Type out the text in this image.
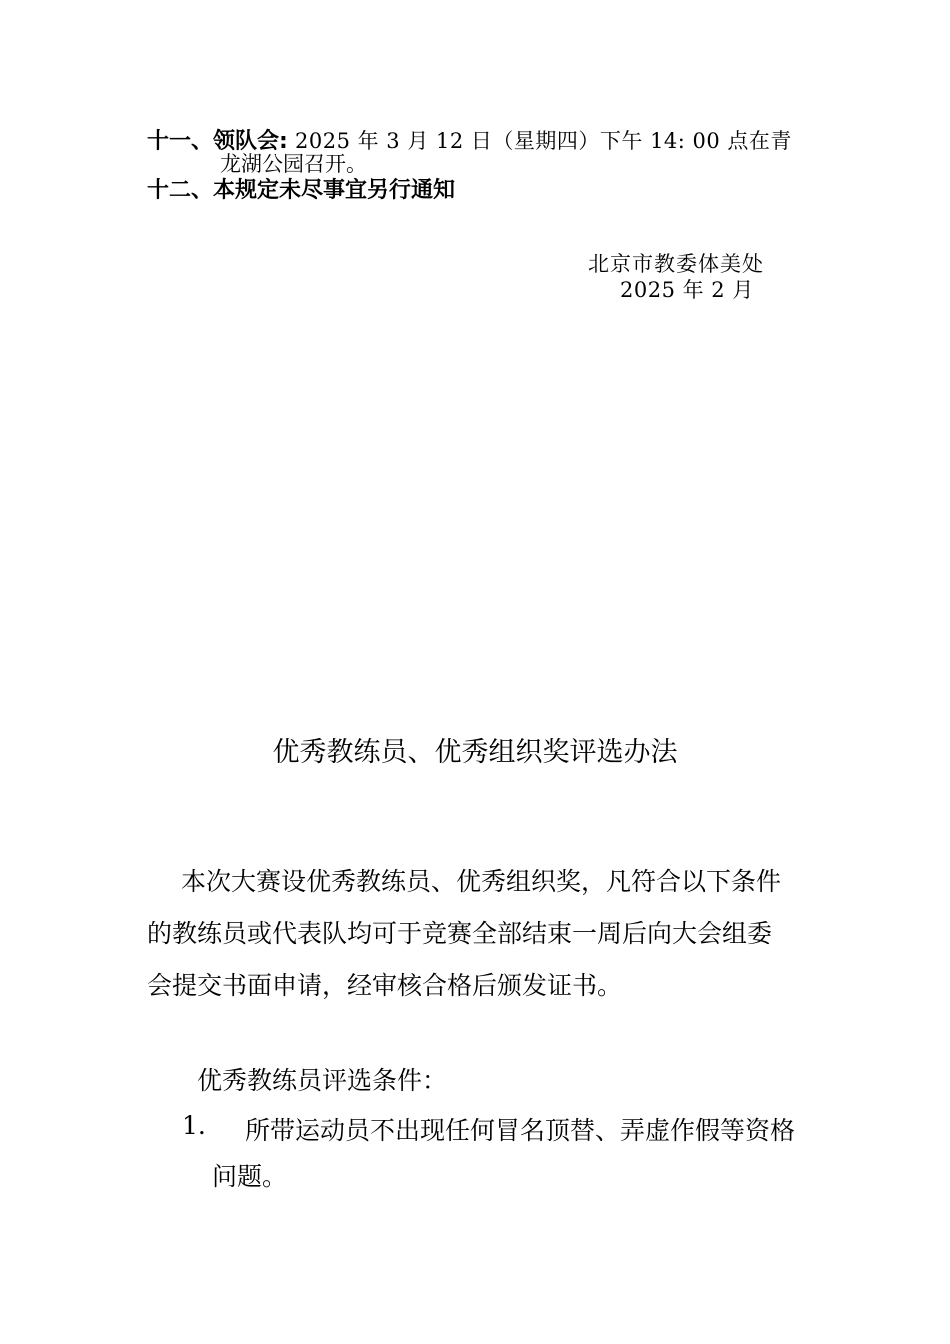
十一、领队会: 2025 年 3 月 12 日（星期四）下午 14: 00 点在青
龙湖公园召开。
十二、本规定未尽事宜另行通知
北京市教委体美处
2025 年 2 月
优秀教练员、优秀组织奖评选办法
本次大赛设优秀教练员、优秀组织奖，凡符合以下条件
的教练员或代表队均可于竞赛全部结束一周后向大会组委
会提交书面申请，经审核合格后颁发证书。
优秀教练员评选条件：
1. 所带运动员不出现任何冒名顶替、弄虚作假等资格
问题。
